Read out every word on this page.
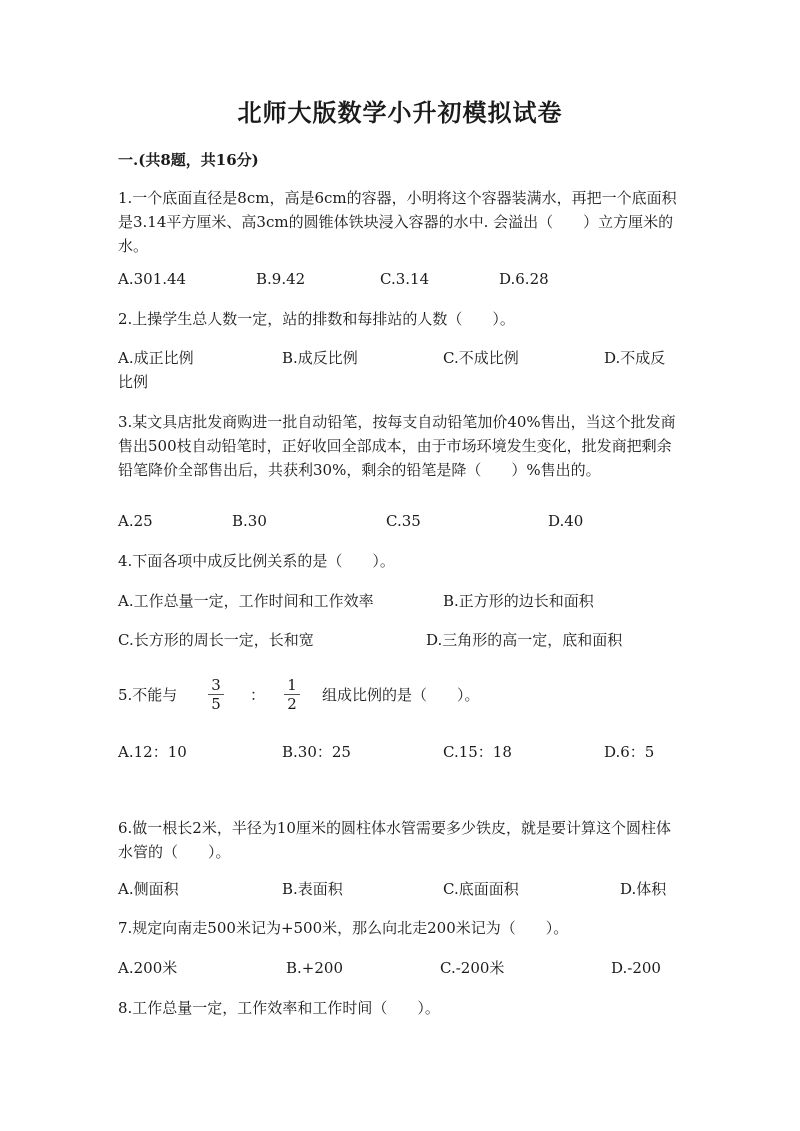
北师大版数学小升初模拟试卷
一.(共8题，共16分)
1.一个底面直径是8cm，高是6cm的容器，小明将这个容器装满水，再把一个底面积是3.14平方厘米、高3cm的圆锥体铁块浸入容器的水中. 会溢出（　　）立方厘米的水。
A.301.44	B.9.42	C.3.14	D.6.28
2.上操学生总人数一定，站的排数和每排站的人数（　　）。
A.成正比例	B.成反比例	C.不成比例	D.不成反比例
3.某文具店批发商购进一批自动铅笔，按每支自动铅笔加价40%售出，当这个批发商售出500枝自动铅笔时，正好收回全部成本，由于市场环境发生变化，批发商把剩余铅笔降价全部售出后，共获利30%，剩余的铅笔是降（　　）%售出的。
A.25	B.30	C.35	D.40
4.下面各项中成反比例关系的是（　　）。
A.工作总量一定，工作时间和工作效率	B.正方形的边长和面积
C.长方形的周长一定，长和宽	D.三角形的高一定，底和面积
5.不能与 $\frac{3}{5}$ ： $\frac{1}{2}$ 组成比例的是（　　）。
A.12：10	B.30：25	C.15：18	D.6：5
6.做一根长2米，半径为10厘米的圆柱体水管需要多少铁皮，就是要计算这个圆柱体水管的（　　）。
A.侧面积	B.表面积	C.底面面积	D.体积
7.规定向南走500米记为+500米，那么向北走200米记为（　　）。
A.200米	B.+200	C.-200米	D.-200
8.工作总量一定，工作效率和工作时间（　　）。
